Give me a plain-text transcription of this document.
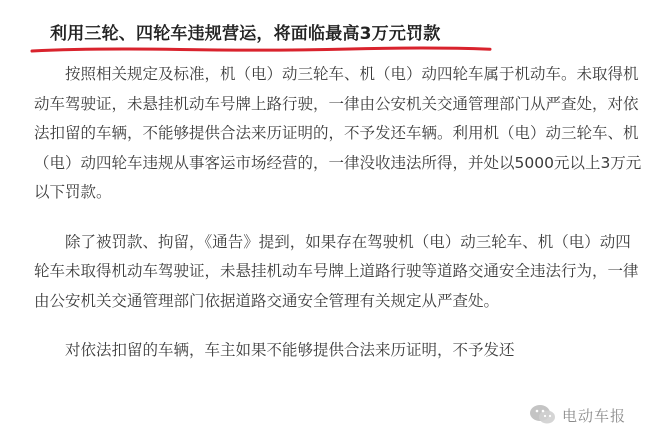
利用三轮、四轮车违规营运，将面临最高3万元罚款

按照相关规定及标准，机（电）动三轮车、机（电）动四轮车属于机动车。未取得机动车驾驶证，未悬挂机动车号牌上路行驶，一律由公安机关交通管理部门从严查处，对依法扣留的车辆，不能够提供合法来历证明的，不予发还车辆。利用机（电）动三轮车、机（电）动四轮车违规从事客运市场经营的，一律没收违法所得，并处以5000元以上3万元以下罚款。

除了被罚款、拘留，《通告》提到，如果存在驾驶机（电）动三轮车、机（电）动四轮车未取得机动车驾驶证，未悬挂机动车号牌上道路行驶等道路交通安全违法行为，一律由公安机关交通管理部门依据道路交通安全管理有关规定从严查处。

对依法扣留的车辆，车主如果不能够提供合法来历证明，不予发还

电动车报
